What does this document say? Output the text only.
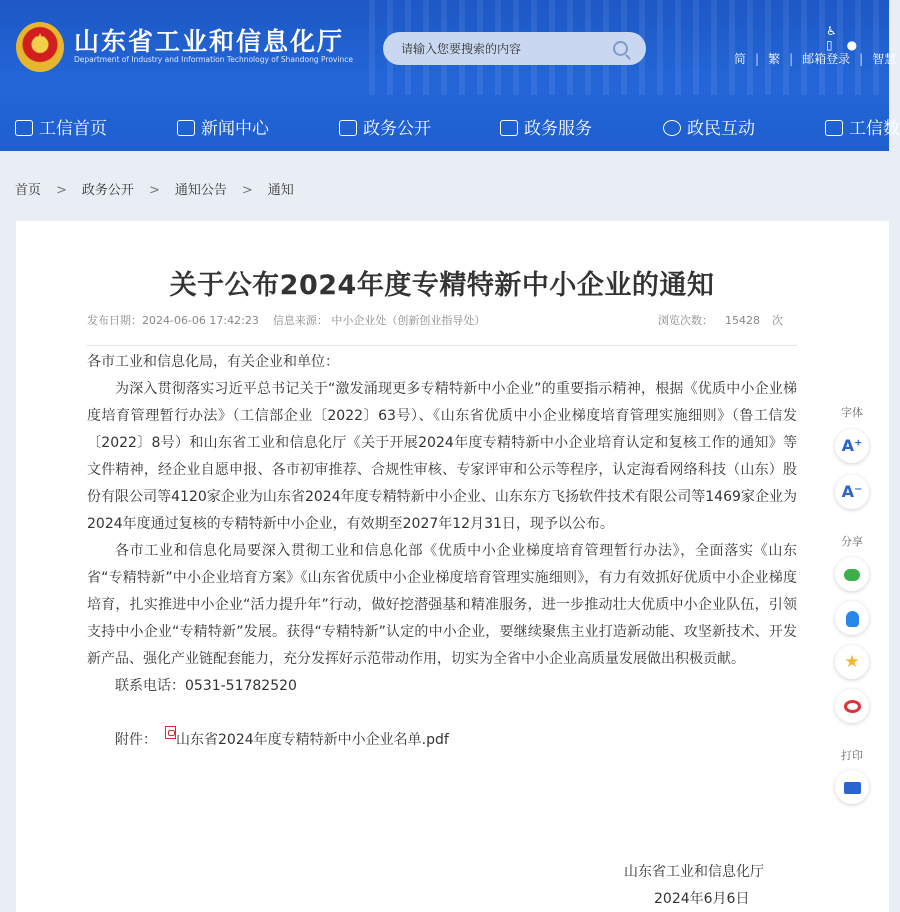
★	山东省工业和信息化厅
Department of Industry and Information Technology of Shandong Province
请输入您要搜索的内容
♿▯ ●
简 | 繁 | 邮箱登录 | 智慧
工信首页	新闻中心	政务公开	政务服务	政民互动	工信数
首页 > 政务公开 > 通知公告 > 通知
关于公布2024年度专精特新中小企业的通知
发布日期：2024-06-06 17:42:23 信息来源： 中小企业处（创新创业指导处）	浏览次数： 15428 次

各市工业和信息化局，有关企业和单位：

为深入贯彻落实习近平总书记关于“激发涌现更多专精特新中小企业”的重要指示精神，根据《优质中小企业梯度培育管理暂行办法》（工信部企业〔2022〕63号）、《山东省优质中小企业梯度培育管理实施细则》（鲁工信发〔2022〕8号）和山东省工业和信息化厅《关于开展2024年度专精特新中小企业培育认定和复核工作的通知》等文件精神，经企业自愿申报、各市初审推荐、合规性审核、专家评审和公示等程序，认定海看网络科技（山东）股份有限公司等4120家企业为山东省2024年度专精特新中小企业、山东东方飞扬软件技术有限公司等1469家企业为2024年度通过复核的专精特新中小企业，有效期至2027年12月31日，现予以公布。

各市工业和信息化局要深入贯彻工业和信息化部《优质中小企业梯度培育管理暂行办法》，全面落实《山东省“专精特新”中小企业培育方案》《山东省优质中小企业梯度培育管理实施细则》，有力有效抓好优质中小企业梯度培育，扎实推进中小企业“活力提升年”行动，做好挖潜强基和精准服务，进一步推动壮大优质中小企业队伍，引领支持中小企业“专精特新”发展。获得“专精特新”认定的中小企业，要继续聚焦主业打造新动能、攻坚新技术、开发新产品、强化产业链配套能力，充分发挥好示范带动作用，切实为全省中小企业高质量发展做出积极贡献。

联系电话：0531-51782520

附件： 山东省2024年度专精特新中小企业名单.pdf

山东省工业和信息化厅
2024年6月6日
字体
A⁺
A⁻
分享
★
打印
